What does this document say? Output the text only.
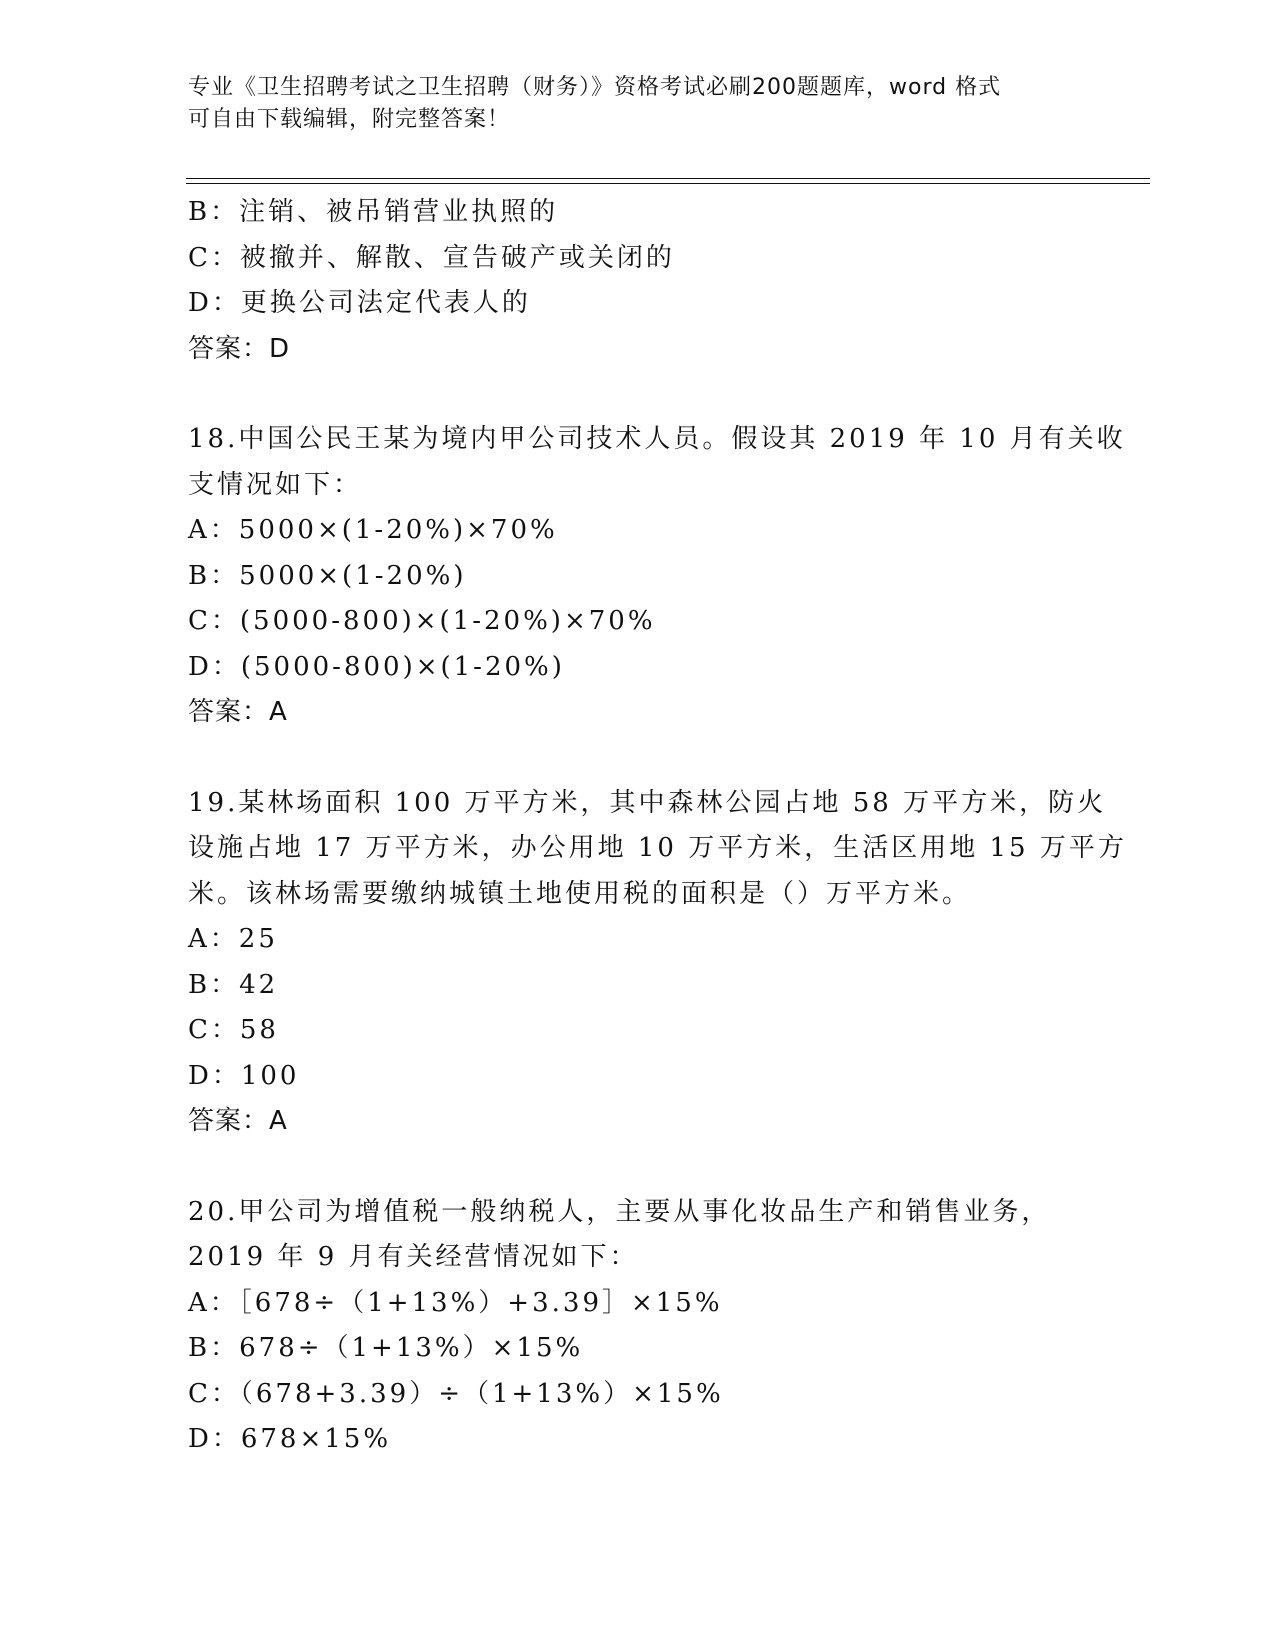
专业《卫生招聘考试之卫生招聘（财务）》资格考试必刷200题题库，word 格式
可自由下载编辑，附完整答案！
B：注销、被吊销营业执照的
C：被撤并、解散、宣告破产或关闭的
D：更换公司法定代表人的
答案：D
18.中国公民王某为境内甲公司技术人员。假设其 2019 年 10 月有关收
支情况如下：
A：5000×(1-20%)×70%
B：5000×(1-20%)
C：(5000-800)×(1-20%)×70%
D：(5000-800)×(1-20%)
答案：A
19.某林场面积 100 万平方米，其中森林公园占地 58 万平方米，防火
设施占地 17 万平方米，办公用地 10 万平方米，生活区用地 15 万平方
米。该林场需要缴纳城镇土地使用税的面积是（）万平方米。
A：25
B：42
C：58
D：100
答案：A
20.甲公司为增值税一般纳税人，主要从事化妆品生产和销售业务，
2019 年 9 月有关经营情况如下：
A：［678÷（1+13%）+3.39］×15%
B：678÷（1+13%）×15%
C：（678+3.39）÷（1+13%）×15%
D：678×15%
